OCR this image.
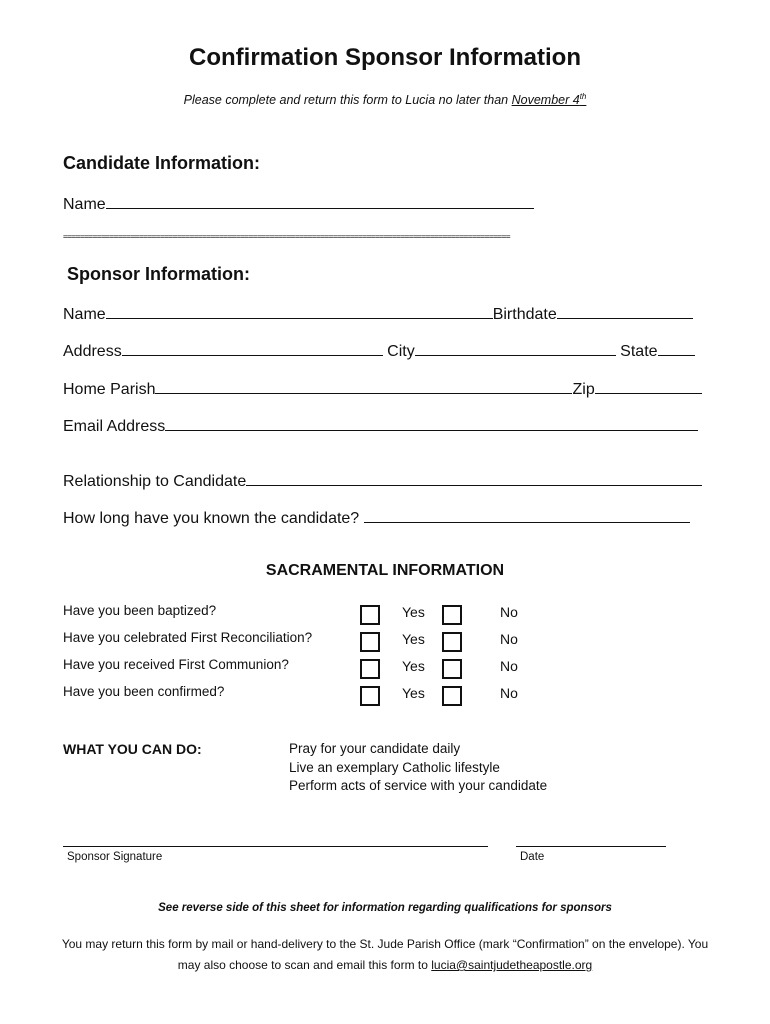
Confirmation Sponsor Information
Please complete and return this form to Lucia no later than November 4th
Candidate Information:
Name
==========================================================================================================
Sponsor Information:
Name	Birthdate
Address	City	State
Home Parish	Zip
Email Address
Relationship to Candidate
How long have you known the candidate?
SACRAMENTAL INFORMATION
Have you been baptized?	Yes	No
Have you celebrated First Reconciliation?	Yes	No
Have you received First Communion?	Yes	No
Have you been confirmed?	Yes	No
WHAT YOU CAN DO:	Pray for your candidate daily
Live an exemplary Catholic lifestyle
Perform acts of service with your candidate
Sponsor Signature	Date
See reverse side of this sheet for information regarding qualifications for sponsors
You may return this form by mail or hand-delivery to the St. Jude Parish Office (mark “Confirmation” on the envelope). You may also choose to scan and email this form to lucia@saintjudetheapostle.org
